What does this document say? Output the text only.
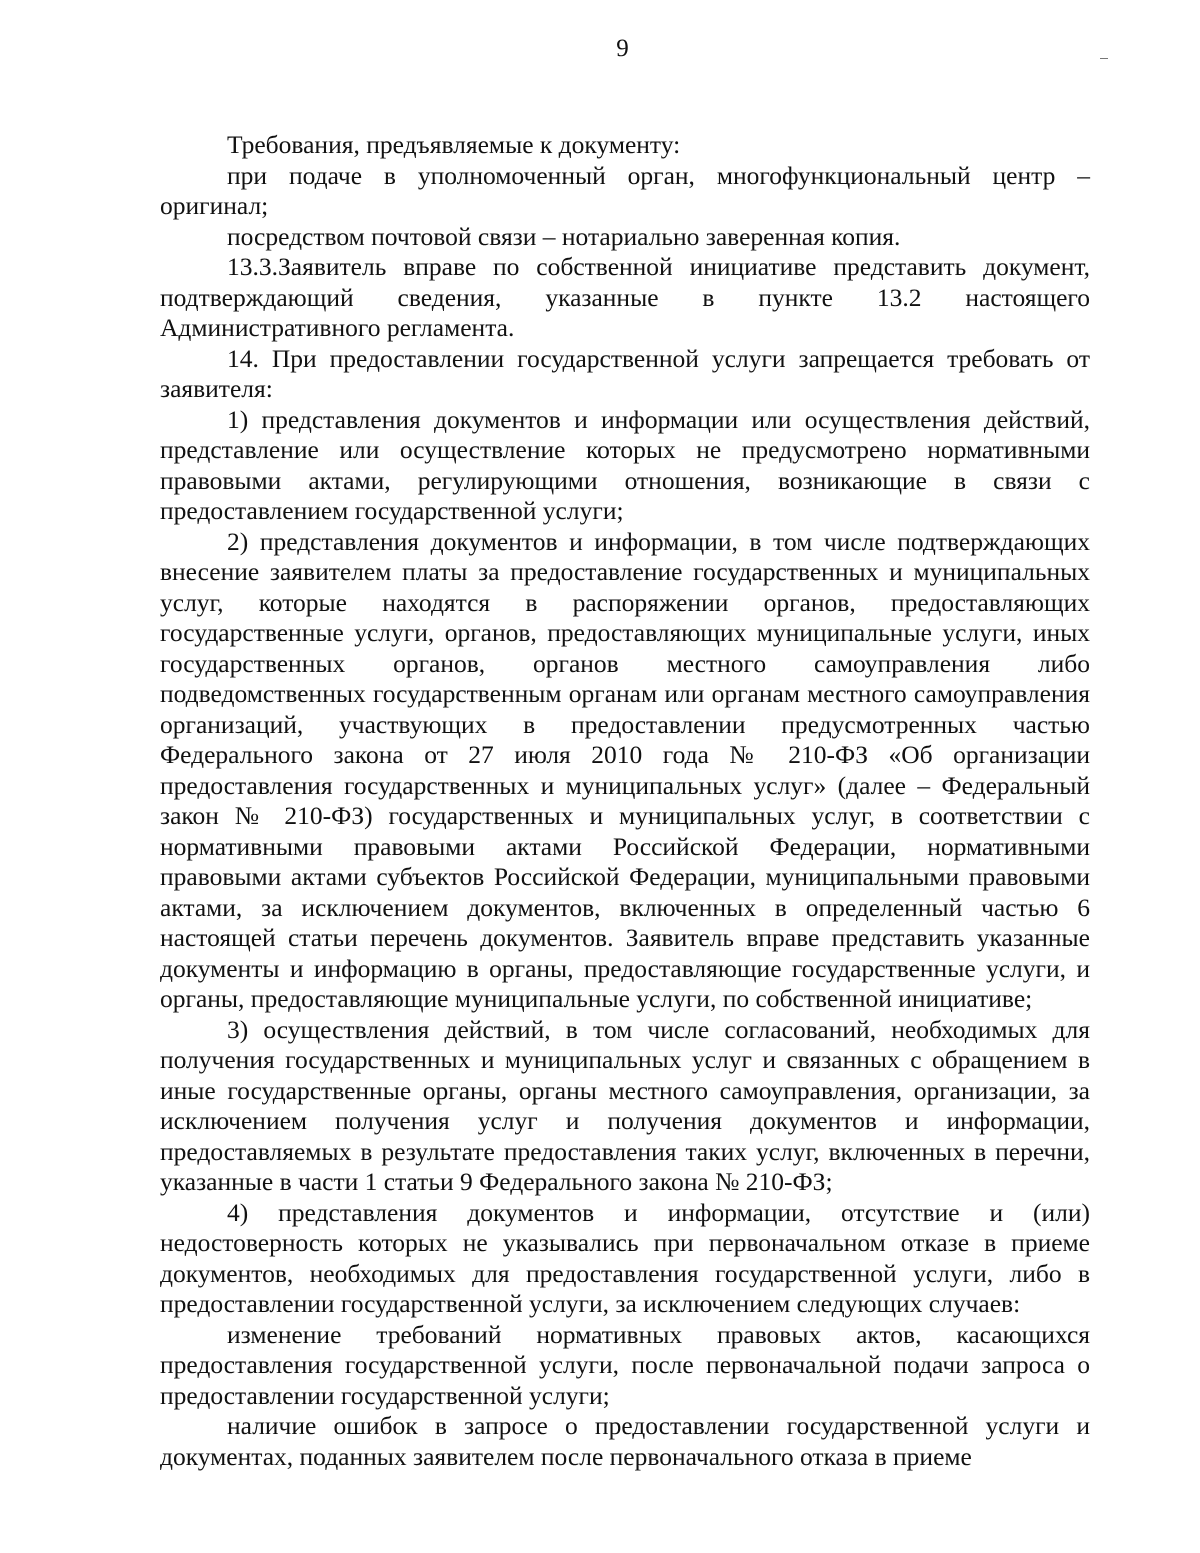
9

Требования, предъявляемые к документу:

при подаче в уполномоченный орган, многофункциональный центр – оригинал;

посредством почтовой связи – нотариально заверенная копия.

13.3.Заявитель вправе по собственной инициативе представить документ, подтверждающий сведения, указанные в пункте 13.2 настоящего Административного регламента.

14. При предоставлении государственной услуги запрещается требовать от заявителя:

1) представления документов и информации или осуществления действий, представление или осуществление которых не предусмотрено нормативными правовыми актами, регулирующими отношения, возникающие в связи с предоставлением государственной услуги;

2) представления документов и информации, в том числе подтверждающих внесение заявителем платы за предоставление государственных и муниципальных услуг, которые находятся в распоряжении органов, предоставляющих государственные услуги, органов, предоставляющих муниципальные услуги, иных государственных органов, органов местного самоуправления либо подведомственных государственным органам или органам местного самоуправления организаций, участвующих в предоставлении предусмотренных частью Федерального закона от 27 июля 2010 года № 210-ФЗ «Об организации предоставления государственных и муниципальных услуг» (далее – Федеральный закон № 210-ФЗ) государственных и муниципальных услуг, в соответствии с нормативными правовыми актами Российской Федерации, нормативными правовыми актами субъектов Российской Федерации, муниципальными правовыми актами, за исключением документов, включенных в определенный частью 6 настоящей статьи перечень документов. Заявитель вправе представить указанные документы и информацию в органы, предоставляющие государственные услуги, и органы, предоставляющие муниципальные услуги, по собственной инициативе;

3) осуществления действий, в том числе согласований, необходимых для получения государственных и муниципальных услуг и связанных с обращением в иные государственные органы, органы местного самоуправления, организации, за исключением получения услуг и получения документов и информации, предоставляемых в результате предоставления таких услуг, включенных в перечни, указанные в части 1 статьи 9 Федерального закона № 210-ФЗ;

4) представления документов и информации, отсутствие и (или) недостоверность которых не указывались при первоначальном отказе в приеме документов, необходимых для предоставления государственной услуги, либо в предоставлении государственной услуги, за исключением следующих случаев:

изменение требований нормативных правовых актов, касающихся предоставления государственной услуги, после первоначальной подачи запроса о предоставлении государственной услуги;

наличие ошибок в запросе о предоставлении государственной услуги и документах, поданных заявителем после первоначального отказа в приеме
